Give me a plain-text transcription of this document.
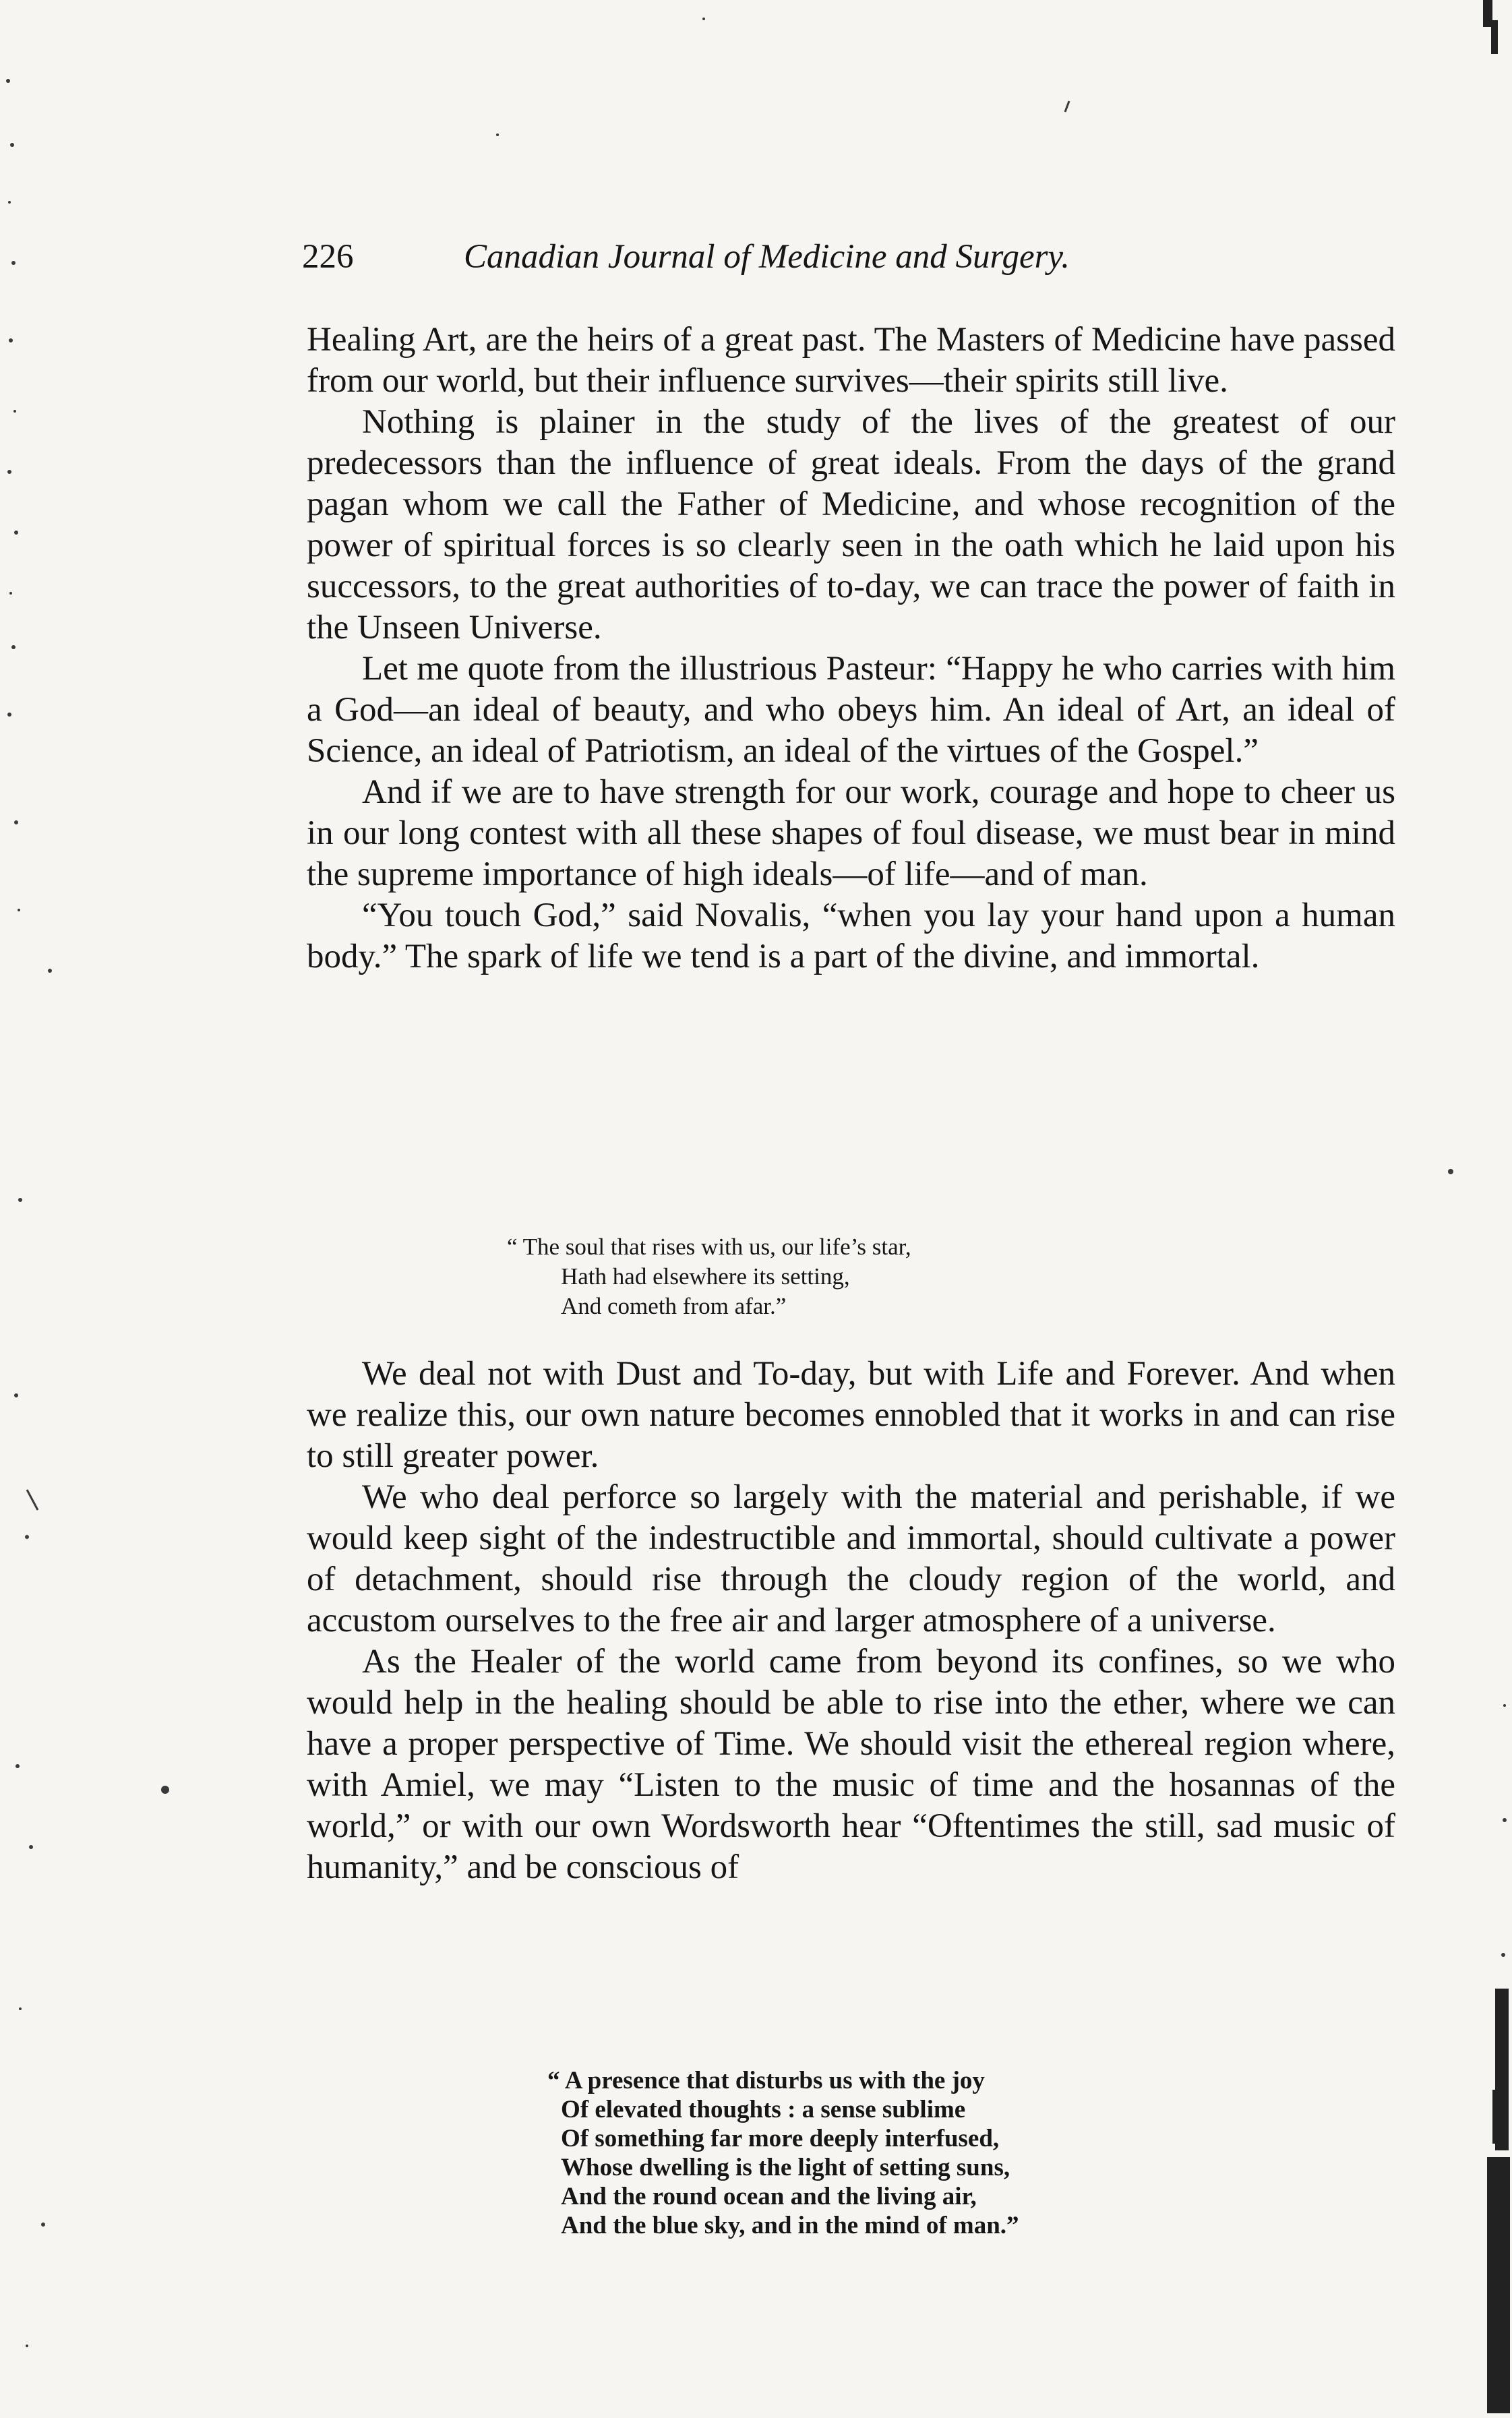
226	Canadian Journal of Medicine and Surgery.

Healing Art, are the heirs of a great past. The Masters of Medicine have passed from our world, but their influence survives—their spirits still live.

Nothing is plainer in the study of the lives of the greatest of our predecessors than the influence of great ideals. From the days of the grand pagan whom we call the Father of Medicine, and whose recognition of the power of spiritual forces is so clearly seen in the oath which he laid upon his successors, to the great authorities of to-day, we can trace the power of faith in the Unseen Universe.

Let me quote from the illustrious Pasteur: “Happy he who carries with him a God—an ideal of beauty, and who obeys him. An ideal of Art, an ideal of Science, an ideal of Patriotism, an ideal of the virtues of the Gospel.”

And if we are to have strength for our work, courage and hope to cheer us in our long contest with all these shapes of foul disease, we must bear in mind the supreme importance of high ideals—of life—and of man.

“You touch God,” said Novalis, “when you lay your hand upon a human body.” The spark of life we tend is a part of the divine, and immortal.

“ The soul that rises with us, our life’s star,
Hath had elsewhere its setting,
And cometh from afar.”

We deal not with Dust and To-day, but with Life and Forever. And when we realize this, our own nature becomes ennobled that it works in and can rise to still greater power.

We who deal perforce so largely with the material and perishable, if we would keep sight of the indestructible and immortal, should cultivate a power of detachment, should rise through the cloudy region of the world, and accustom ourselves to the free air and larger atmosphere of a universe.

As the Healer of the world came from beyond its confines, so we who would help in the healing should be able to rise into the ether, where we can have a proper perspective of Time. We should visit the ethereal region where, with Amiel, we may “Listen to the music of time and the hosannas of the world,” or with our own Wordsworth hear “Oftentimes the still, sad music of humanity,” and be conscious of

“ A presence that disturbs us with the joy
Of elevated thoughts : a sense sublime
Of something far more deeply interfused,
Whose dwelling is the light of setting suns,
And the round ocean and the living air,
And the blue sky, and in the mind of man.”
